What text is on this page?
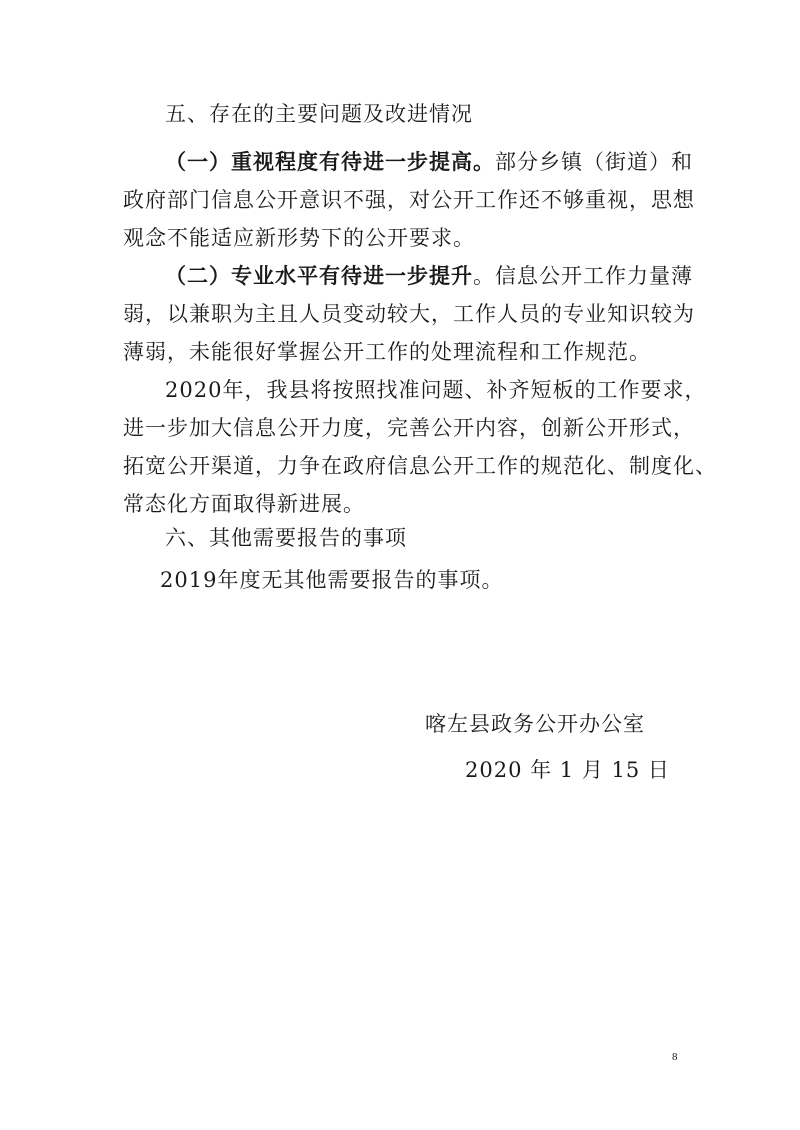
五、存在的主要问题及改进情况
（一）重视程度有待进一步提高。部分乡镇（街道）和
政府部门信息公开意识不强，对公开工作还不够重视，思想
观念不能适应新形势下的公开要求。
（二）专业水平有待进一步提升。信息公开工作力量薄
弱，以兼职为主且人员变动较大，工作人员的专业知识较为
薄弱，未能很好掌握公开工作的处理流程和工作规范。
2020年，我县将按照找准问题、补齐短板的工作要求，
进一步加大信息公开力度，完善公开内容，创新公开形式，
拓宽公开渠道，力争在政府信息公开工作的规范化、制度化、
常态化方面取得新进展。
六、其他需要报告的事项
2019年度无其他需要报告的事项。
喀左县政务公开办公室
2020 年 1 月 15 日
8
